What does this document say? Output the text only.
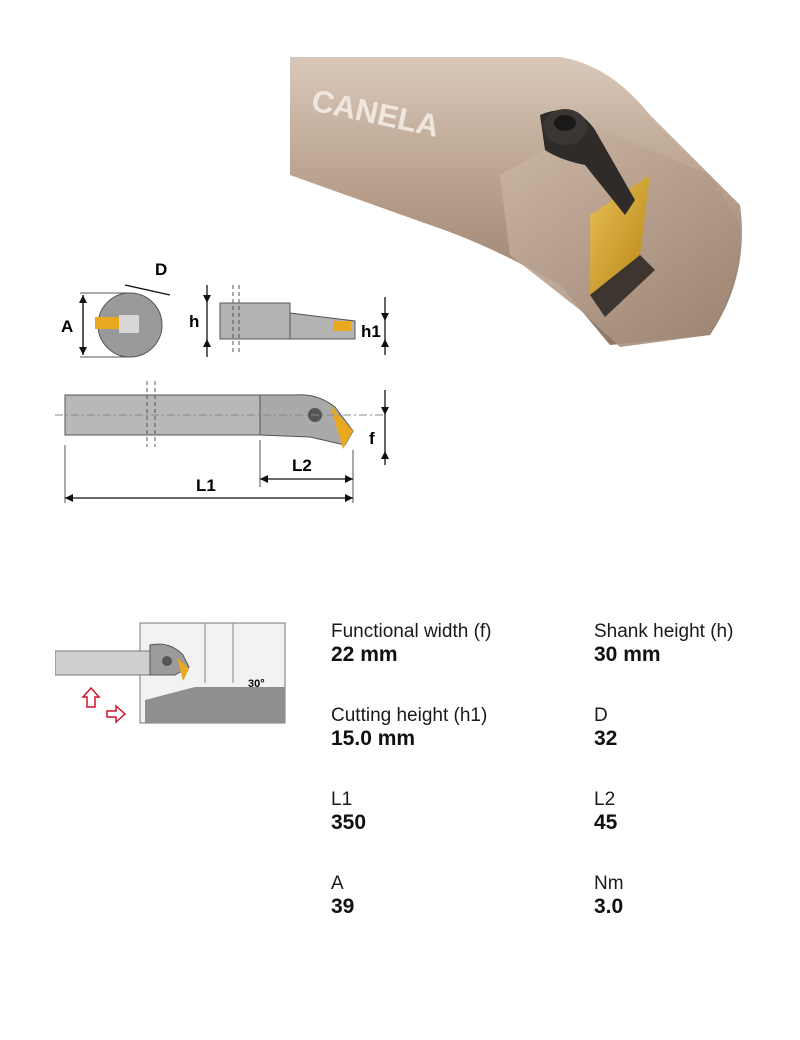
CANELA
A
D
h
h1
f
L2
L1
30°
Functional width (f)
22 mm
Shank height (h)
30 mm
Cutting height (h1)
15.0 mm
D
32
L1
350
L2
45
A
39
Nm
3.0
